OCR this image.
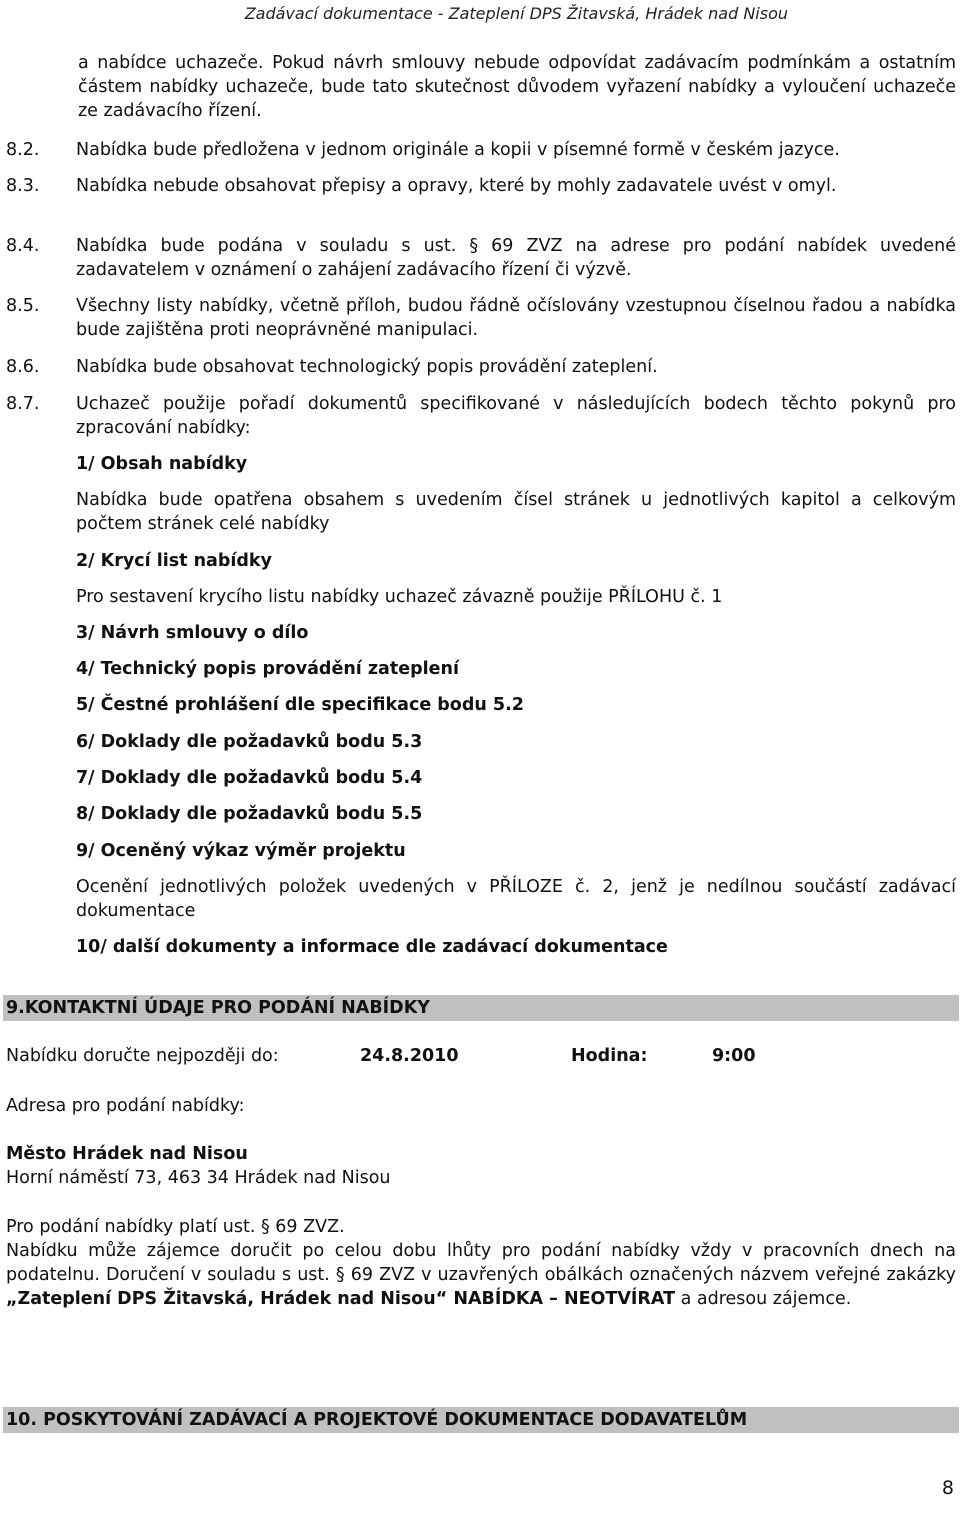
Zadávací dokumentace - Zateplení DPS Žitavská, Hrádek nad Nisou
a nabídce uchazeče. Pokud návrh smlouvy nebude odpovídat zadávacím podmínkám a ostatním částem nabídky uchazeče, bude tato skutečnost důvodem vyřazení nabídky a vyloučení uchazeče ze zadávacího řízení.
8.2. Nabídka bude předložena v jednom originále a kopii v písemné formě v českém jazyce.
8.3. Nabídka nebude obsahovat přepisy a opravy, které by mohly zadavatele uvést v omyl.
8.4. Nabídka bude podána v souladu s ust. § 69 ZVZ na adrese pro podání nabídek uvedené zadavatelem v oznámení o zahájení zadávacího řízení či výzvě.
8.5. Všechny listy nabídky, včetně příloh, budou řádně očíslovány vzestupnou číselnou řadou a nabídka bude zajištěna proti neoprávněné manipulaci.
8.6. Nabídka bude obsahovat technologický popis provádění zateplení.
8.7. Uchazeč použije pořadí dokumentů specifikované v následujících bodech těchto pokynů pro zpracování nabídky:
1/ Obsah nabídky
Nabídka bude opatřena obsahem s uvedením čísel stránek u jednotlivých kapitol a celkovým počtem stránek celé nabídky
2/ Krycí list nabídky
Pro sestavení krycího listu nabídky uchazeč závazně použije PŘÍLOHU č. 1
3/ Návrh smlouvy o dílo
4/ Technický popis provádění zateplení
5/ Čestné prohlášení dle specifikace bodu 5.2
6/ Doklady dle požadavků bodu 5.3
7/ Doklady dle požadavků bodu 5.4
8/ Doklady dle požadavků bodu 5.5
9/ Oceněný výkaz výměr projektu
Ocenění jednotlivých položek uvedených v PŘÍLOZE č. 2, jenž je nedílnou součástí zadávací dokumentace
10/ další dokumenty a informace dle zadávací dokumentace
9.KONTAKTNÍ ÚDAJE PRO PODÁNÍ NABÍDKY
Nabídku doručte nejpozději do:	24.8.2010	Hodina:	9:00
Adresa pro podání nabídky:
Město Hrádek nad Nisou
Horní náměstí 73, 463 34 Hrádek nad Nisou
Pro podání nabídky platí ust. § 69 ZVZ.
Nabídku může zájemce doručit po celou dobu lhůty pro podání nabídky vždy v pracovních dnech na podatelnu. Doručení v souladu s ust. § 69 ZVZ v uzavřených obálkách označených názvem veřejné zakázky „Zateplení DPS Žitavská, Hrádek nad Nisou“ NABÍDKA – NEOTVÍRAT a adresou zájemce.
10. POSKYTOVÁNÍ ZADÁVACÍ A PROJEKTOVÉ DOKUMENTACE DODAVATELŮM
8
